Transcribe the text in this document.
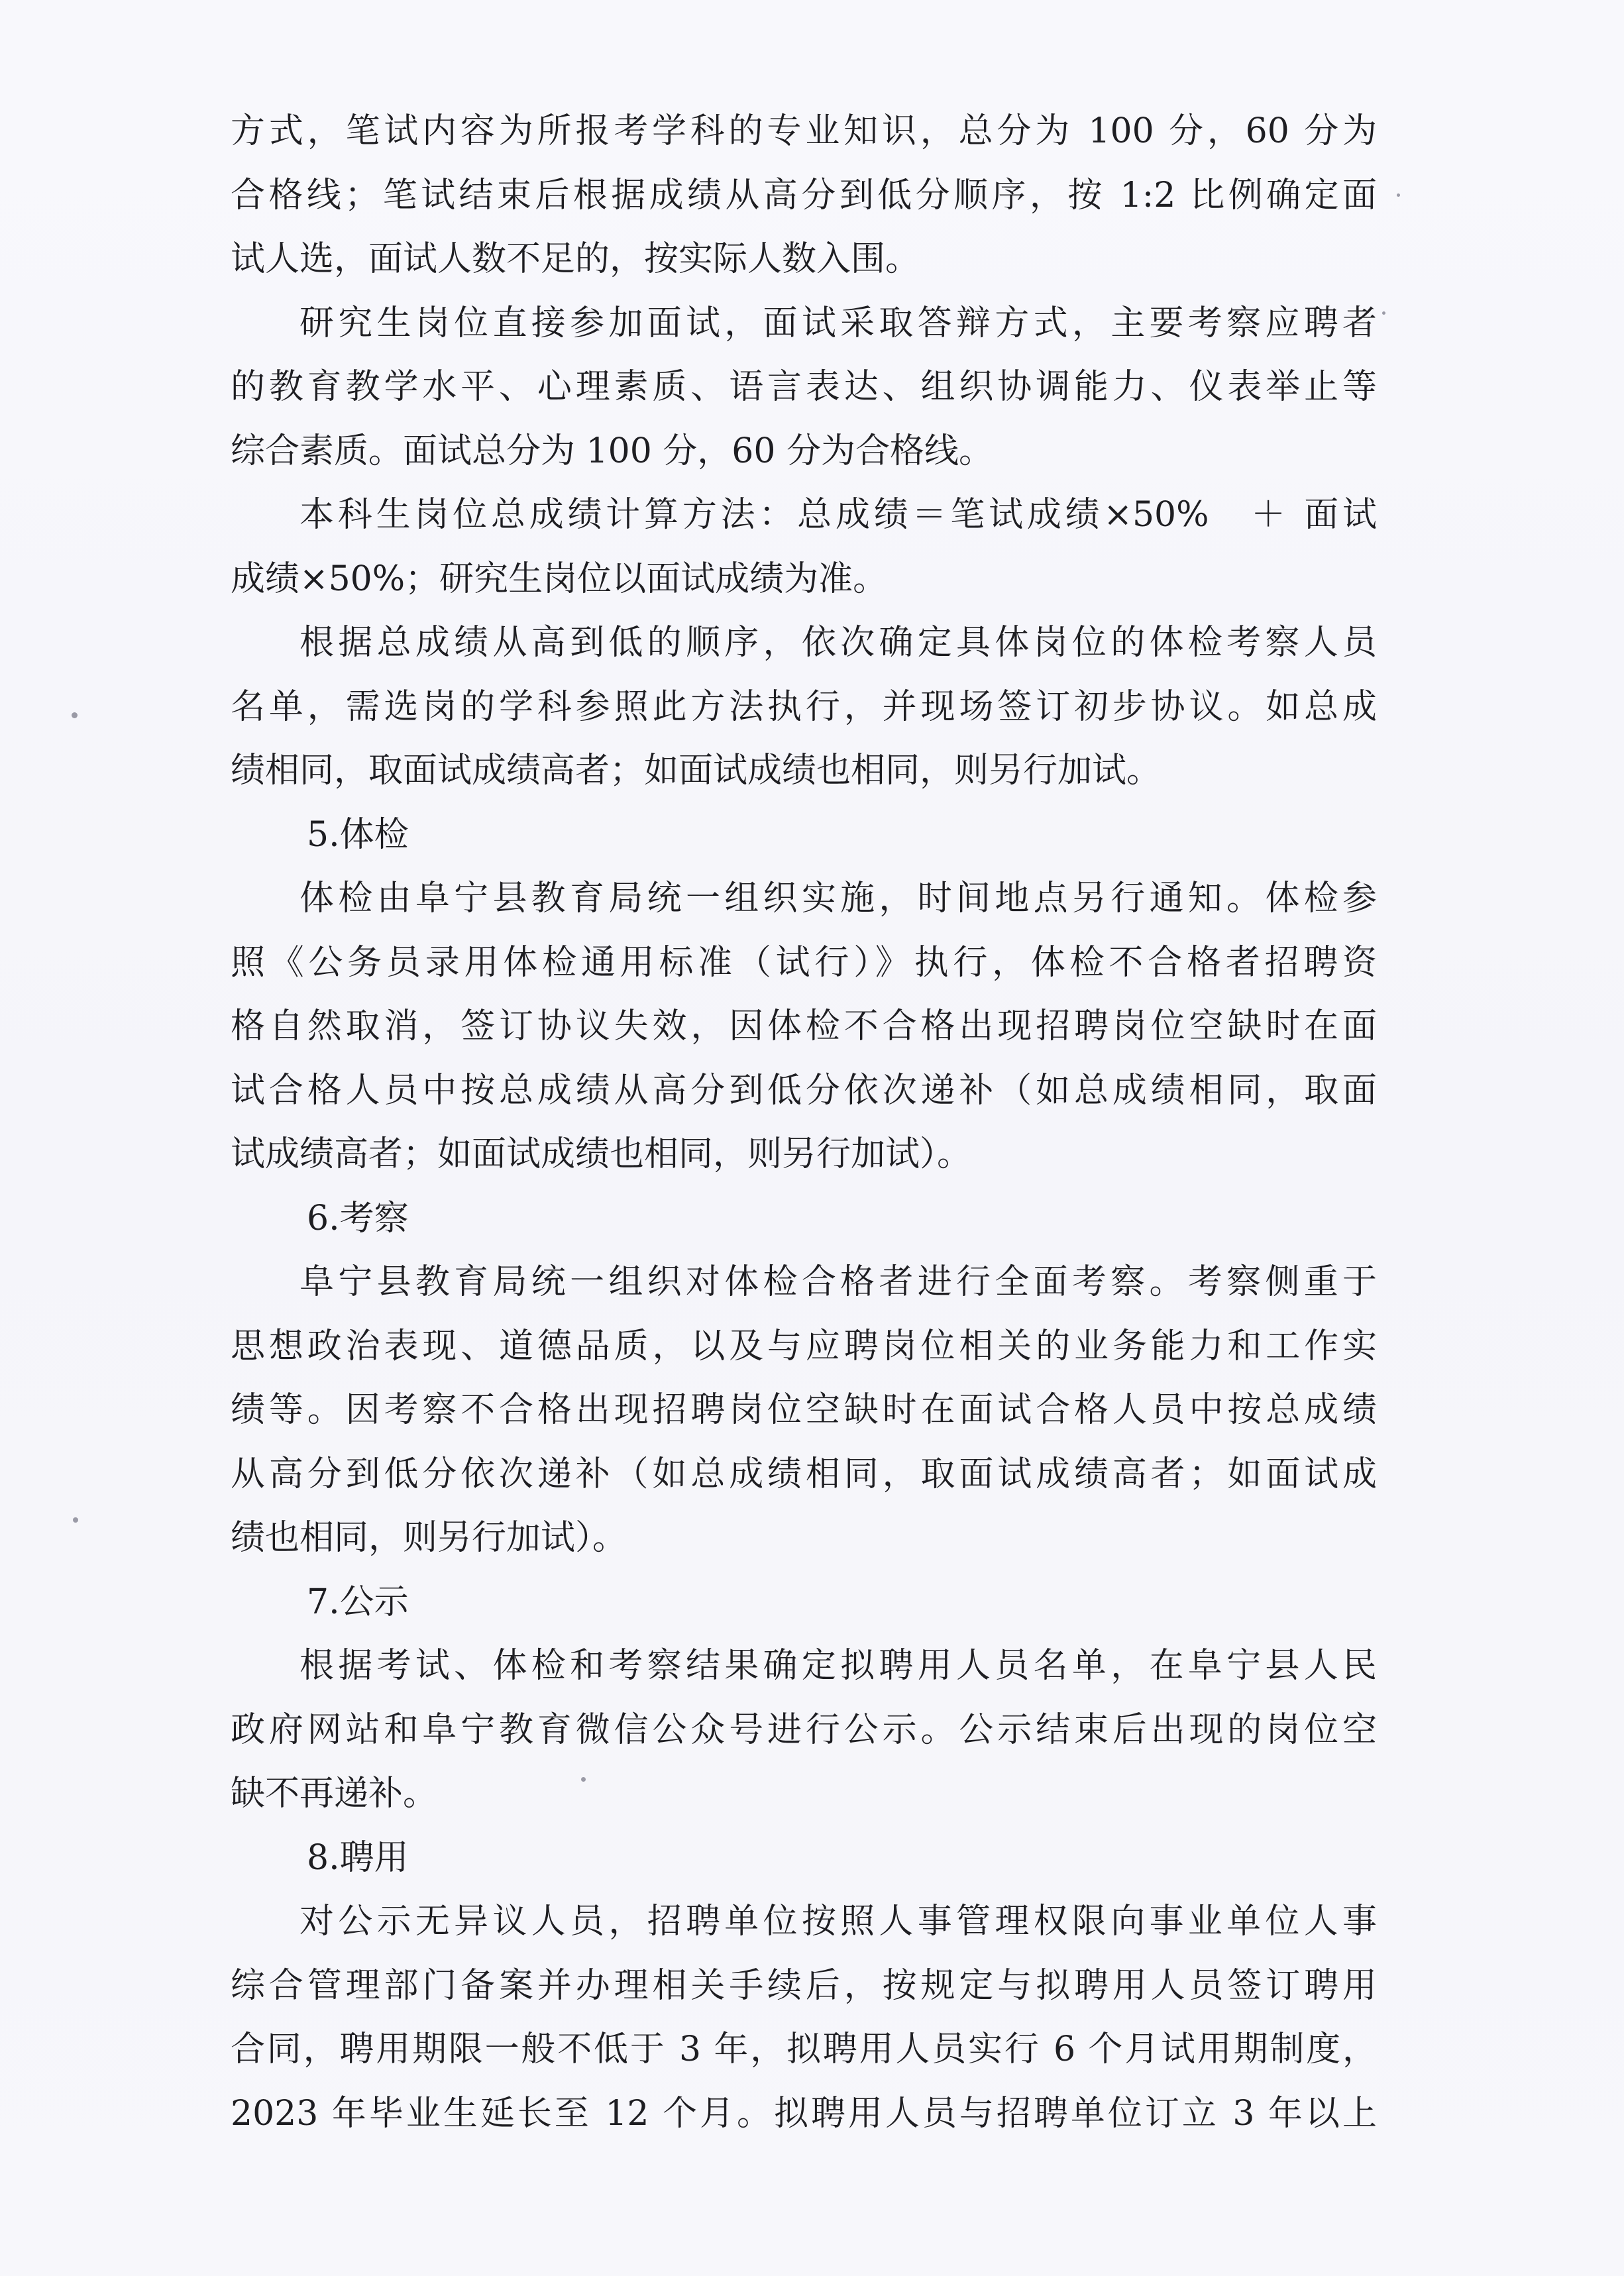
方式，笔试内容为所报考学科的专业知识，总分为 100 分，60 分为

合格线；笔试结束后根据成绩从高分到低分顺序，按 1:2 比例确定面

试人选，面试人数不足的，按实际人数入围。

研究生岗位直接参加面试，面试采取答辩方式，主要考察应聘者

的教育教学水平、心理素质、语言表达、组织协调能力、仪表举止等

综合素质。面试总分为 100 分，60 分为合格线。

本科生岗位总成绩计算方法：总成绩＝笔试成绩×50%　＋ 面试

成绩×50%；研究生岗位以面试成绩为准。

根据总成绩从高到低的顺序，依次确定具体岗位的体检考察人员

名单，需选岗的学科参照此方法执行，并现场签订初步协议。如总成

绩相同，取面试成绩高者；如面试成绩也相同，则另行加试。

5.体检

体检由阜宁县教育局统一组织实施，时间地点另行通知。体检参

照《公务员录用体检通用标准（试行）》执行，体检不合格者招聘资

格自然取消，签订协议失效，因体检不合格出现招聘岗位空缺时在面

试合格人员中按总成绩从高分到低分依次递补（如总成绩相同，取面

试成绩高者；如面试成绩也相同，则另行加试）。

6.考察

阜宁县教育局统一组织对体检合格者进行全面考察。考察侧重于

思想政治表现、道德品质，以及与应聘岗位相关的业务能力和工作实

绩等。因考察不合格出现招聘岗位空缺时在面试合格人员中按总成绩

从高分到低分依次递补（如总成绩相同，取面试成绩高者；如面试成

绩也相同，则另行加试）。

7.公示

根据考试、体检和考察结果确定拟聘用人员名单，在阜宁县人民

政府网站和阜宁教育微信公众号进行公示。公示结束后出现的岗位空

缺不再递补。

8.聘用

对公示无异议人员，招聘单位按照人事管理权限向事业单位人事

综合管理部门备案并办理相关手续后，按规定与拟聘用人员签订聘用

合同，聘用期限一般不低于 3 年，拟聘用人员实行 6 个月试用期制度，

2023 年毕业生延长至 12 个月。拟聘用人员与招聘单位订立 3 年以上
